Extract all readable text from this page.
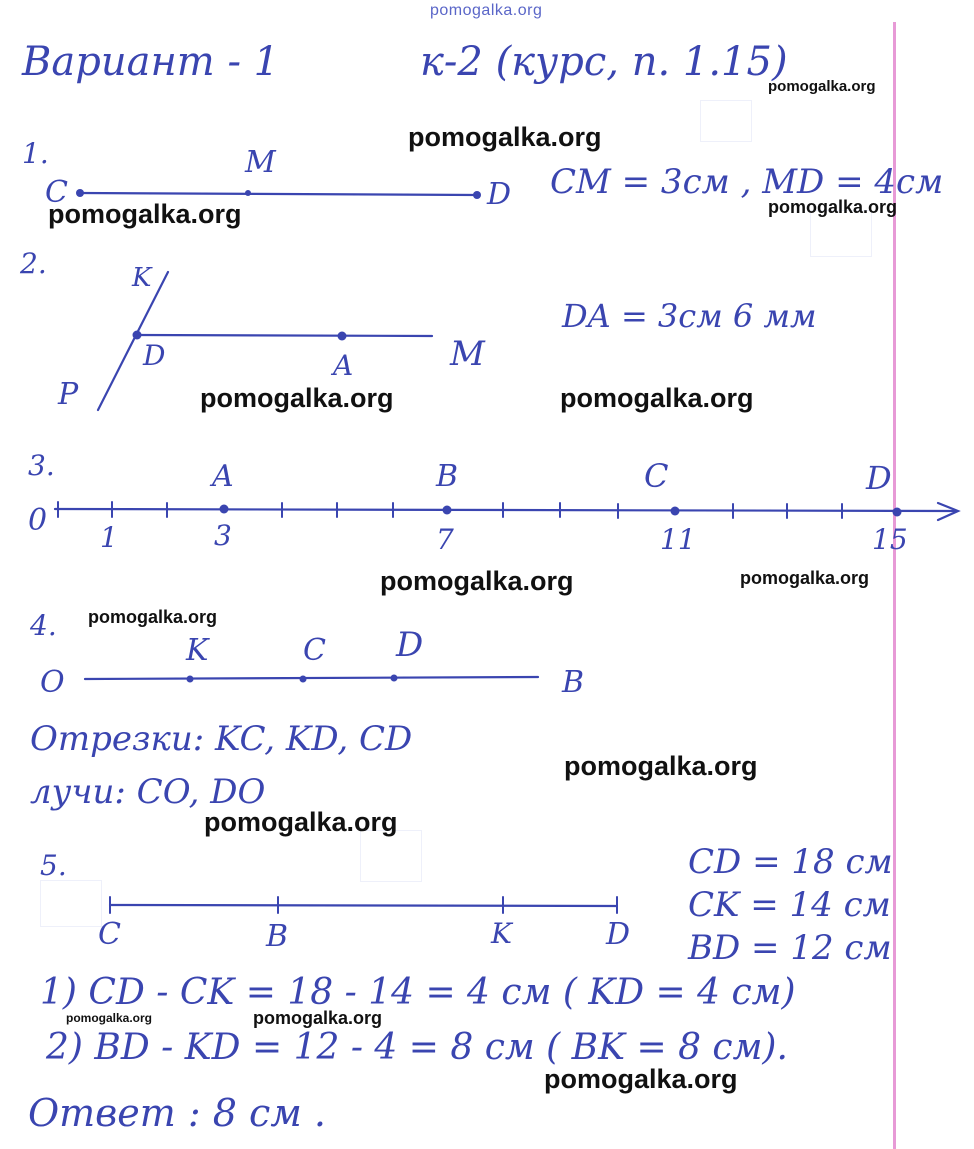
pomogalka.org
Вариант - 1	к-2 (курс, п. 1.15)
pomogalka.org
1.	pomogalka.org
M
C	D CM = 3см , MD = 4см
pomogalka.org	pomogalka.org
2.	K
D	A	M
P
DA = 3см 6 мм
pomogalka.org	pomogalka.org
3.	A	B	C	D
0 1	3	7	11	15
pomogalka.org	pomogalka.org
4. pomogalka.org
K	C D
O	B
Отрезки: KC, KD, CD
pomogalka.org
лучи: CO, DO
pomogalka.org
5.	CD = 18 см
CK = 14 см
BD = 12 см
C	B	K	D
1) CD - CK = 18 - 14 = 4 см ( KD = 4 см)
pomogalka.org	pomogalka.org
2) BD - KD = 12 - 4 = 8 см ( BK = 8 см).
pomogalka.org
Ответ : 8 см .
